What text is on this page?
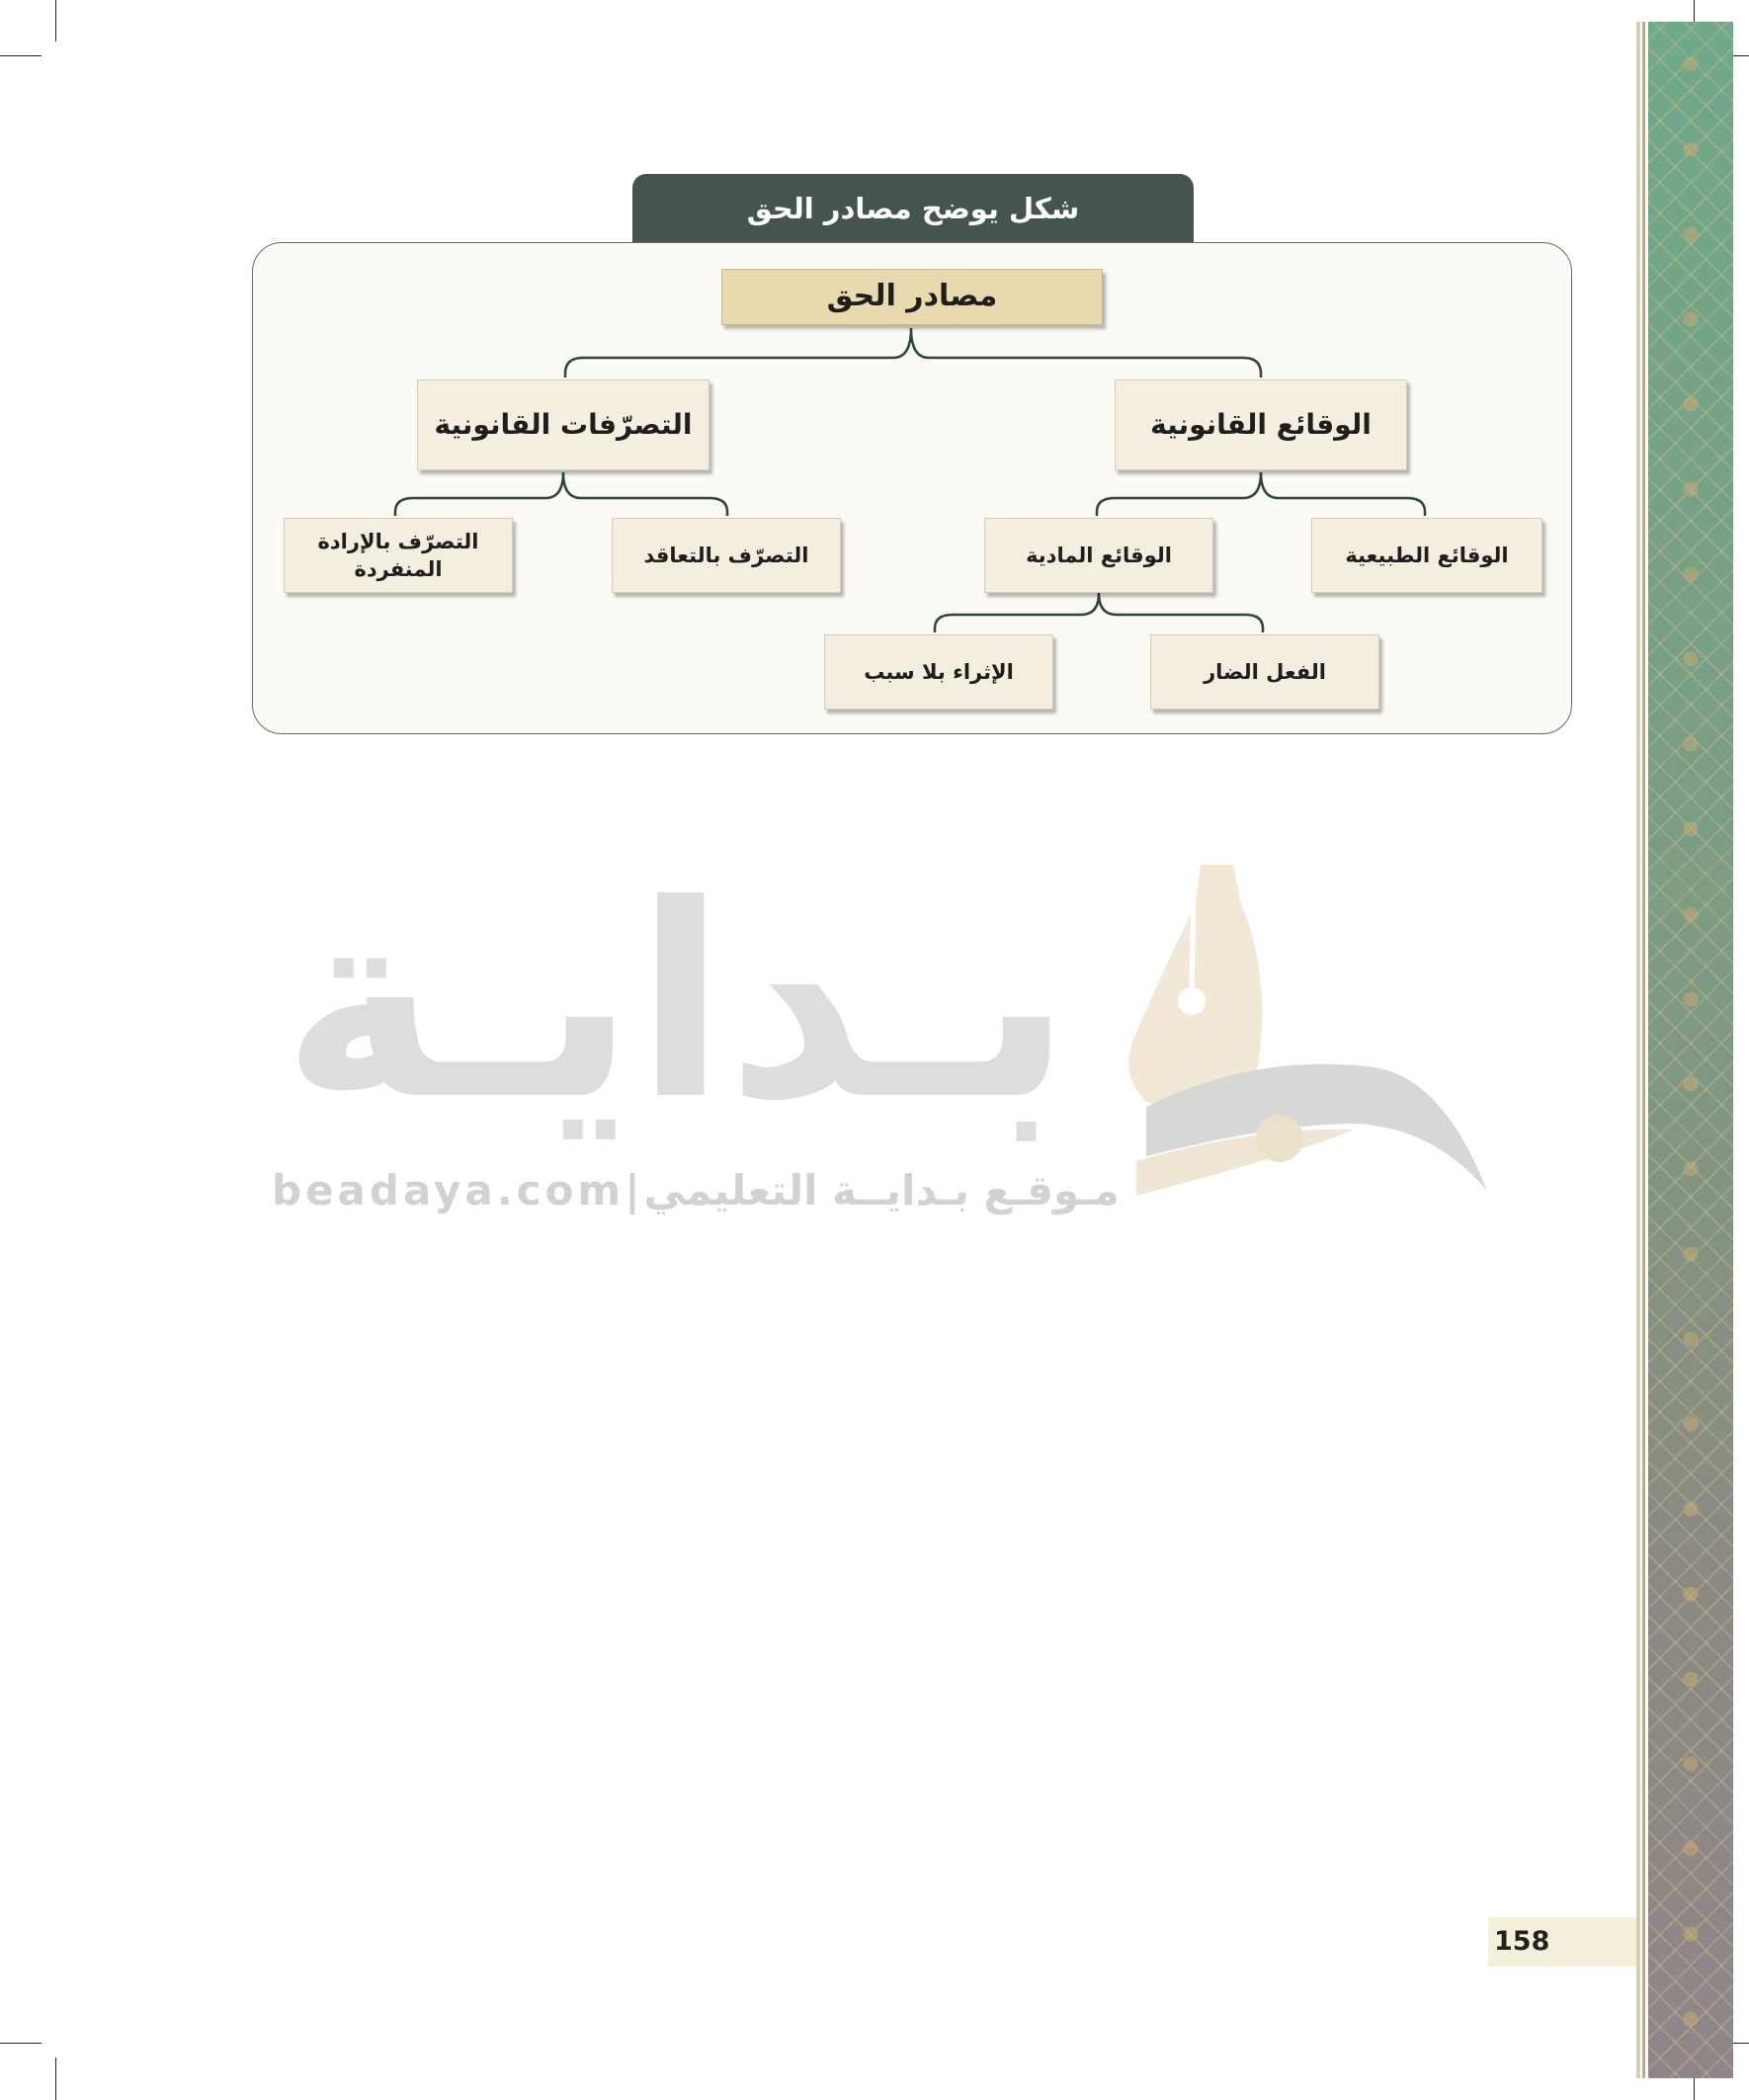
شكل يوضح مصادر الحق
مصادر الحق
التصرّفات القانونية	الوقائع القانونية
التصرّف بالإرادة المنفردة
التصرّف بالتعاقد	الوقائع المادية	الوقائع الطبيعية
الإثراء بلا سبب	الفعل الضار
بـدايـة
beadaya.com | مـوقـع بـدايــة التعليمي
158
